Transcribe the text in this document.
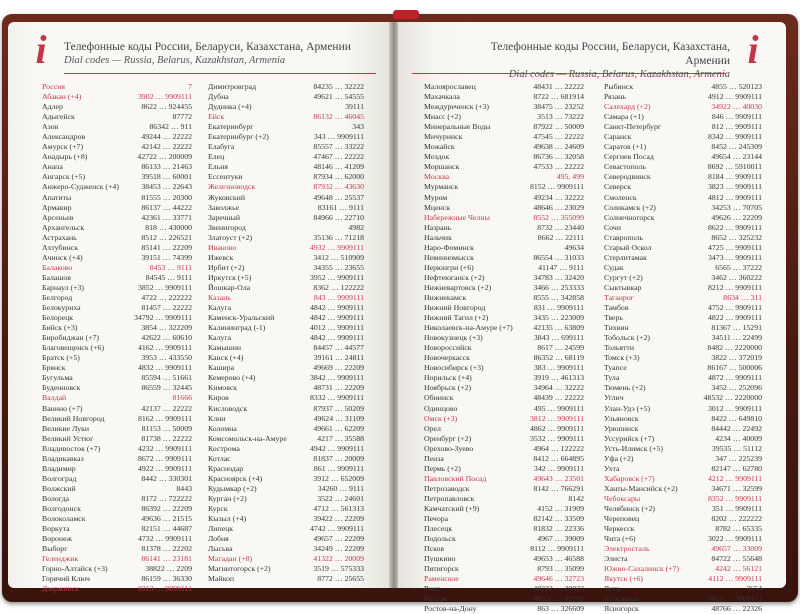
i	Телефонные коды России, Беларуси, Казахстана, Армении
Dial codes — Russia, Belarus, Kazakhstan, Armenia
Россия	7
Абакан (+4)	3902 … 9909111
Адлер	8622 … 924455
Адыгейск	87772
Азов	86342 … 911
Александров	49244 … 22222
Амурск (+7)	42142 … 22222
Анадырь (+8)	42722 … 200009
Анапа	86133 … 21463
Ангарск (+5)	39518 … 60001
Анжеро-Судженск (+4)	38453 … 22643
Апатиты	81555 … 20300
Армавир	86137 … 44222
Арсеньев	42361 … 33771
Архангельск	818 … 430000
Астрахань	8512 … 226521
Ахтубинск	85141 … 22209
Ачинск (+4)	39151 … 74399
Балаково	8453 … 9111
Балашов	84545 … 9111
Барнаул (+3)	3852 … 9909111
Белгород	4722 … 222222
Белокуриха	81457 … 22222
Белорецк	34792 … 9909111
Бийск (+3)	3854 … 322209
Биробиджан (+7)	42622 … 60610
Благовещенск (+6)	4162 … 9909111
Братск (+5)	3953 … 433550
Брянск	4832 … 9909111
Бугульма	85594 … 51661
Буденновск	86559 … 32445
Валдай	81666
Ванино (+7)	42137 … 22222
Великий Новгород	8162 … 9909111
Великие Луки	81153 … 50009
Великий Устюг	81738 … 22222
Владивосток (+7)	4232 … 9909111
Владикавказ	8672 … 9909111
Владимир	4922 … 9909111
Волгоград	8442 … 330301
Волжский	8443
Вологда	8172 … 722222
Волгодонск	86392 … 22209
Волоколамск	49636 … 21515
Воркута	82151 … 44687
Воронеж	4732 … 9909111
Выборг	81378 … 22202
Геленджик	86141 … 23181
Горно-Алтайск (+3)	38822 … 2209
Горячий Ключ	86159 … 36330
Дзержинск	8313 … 9099111
Димитровград	84235 … 32222
Дубна	49621 … 54555
Дудинка (+4)	39111
Ейск	86132 … 46045
Екатеринбург	343
Екатеринбург (+2)	343 … 9909111
Елабуга	85557 … 33222
Елец	47467 … 22222
Ельня	48146 … 41209
Ессентуки	87934 … 62000
Железноводск	87932 … 43630
Жуковский	49648 … 25537
Заволжье	83161 … 9111
Заречный	84966 … 22710
Звенигород	4982
Златоуст (+2)	35136 … 71218
Иваново	4932 … 9909111
Ижевск	3412 … 510909
Ирбит (+2)	34355 … 23655
Иркутск (+5)	3952 … 9909111
Йошкар-Ола	8362 … 122222
Казань	843 … 9909111
Калуга	4842 … 9909111
Каменск-Уральский	4842 … 9909111
Калининград (-1)	4012 … 9909111
Калуга	4842 … 9909111
Камышин	84457 … 44577
Канск (+4)	39161 … 24811
Каширa	49669 … 22209
Кемерово (+4)	3842 … 9909111
Кимовск	48731 … 22209
Киров	8332 … 9909111
Кисловодск	87937 … 50209
Клин	49624 … 31109
Коломна	49661 … 62209
Комсомольск-на-Амуре	4217 … 35588
Кострома	4942 … 9909111
Котлас	81837 … 20009
Краснодар	861 … 9909111
Красноярск (+4)	3912 … 652009
Кудымкар (+2)	34260 … 9111
Курган (+2)	3522 … 24601
Курск	4712 … 561313
Кызыл (+4)	39422 … 22209
Липецк	4742 … 9909111
Лобня	49657 … 22209
Лысьва	34249 … 22209
Магадан (+8)	41322 … 20009
Магнитогорск (+2)	3519 … 575333
Майкоп	8772 … 25655
i
Телефонные коды России, Беларуси, Казахстана, Армении
Dial codes — Russia, Belarus, Kazakhstan, Armenia
Малоярославец	48431 … 22222
Махачкала	8722 … 681914
Междуреченск (+3)	38475 … 23252
Миасс (+2)	3513 … 73222
Минеральные Воды	87922 … 50009
Мичуринск	47545 … 22222
Можайск	49638 … 24609
Моздок	86736 … 32058
Моршанск	47533 … 22222
Москва	495, 499
Мурманск	8152 … 9909111
Муром	49234 … 32222
Мценск	48646 … 23029
Набережные Челны	8552 … 355099
Назрань	8732 … 23440
Нальчик	8662 … 22111
Наро-Фоминск	49634
Невинномысск	86554 … 31033
Нерюнгри (+6)	41147 … 9111
Нефтеюганск (+2)	34783 … 32420
Нижневартовск (+2)	3466 … 253333
Нижнекамск	8555 … 342858
Нижний Новгород	831 … 9909111
Нижний Тагил (+2)	3435 … 223009
Николаевск-на-Амуре (+7)	42135 … 63809
Новокузнецк (+3)	3843 … 699111
Новороссийск	8617 … 24599
Новочеркасск	86352 … 68119
Новосибирск (+3)	383 … 9909111
Норильск (+4)	3919 … 461313
Ноябрьск (+2)	34964 … 32222
Обнинск	48439 … 22222
Одинцово	495 … 9909111
Омск (+3)	3812 … 9909111
Орел	4862 … 9909111
Оренбург (+2)	3532 … 9909111
Орехово-Зуево	4964 … 122222
Пенза	8412 … 664895
Пермь (+2)	342 … 9909111
Павловский Посад	49643 … 23501
Петрозаводск	8142 … 766291
Петропавловск	8142
Камчатский (+9)	4152 … 31909
Печора	82142 … 33509
Плесецк	81832 … 22336
Подольск	4967 … 39009
Псков	8112 … 9909111
Пушкино	49653 … 46588
Пятигорск	8793 … 35099
Раменское	49646 … 32723
Ржев	48232 … 20023
Ростов	48536 … 30709
Ростов-на-Дону	863 … 326609
Рыбинск	4855 … 520123
Рязань	4912 … 9909111
Салехард (+2)	34922 … 40030
Самара (+1)	846 … 9909111
Санкт-Петербург	812 … 9909111
Саранск	8342 … 9909111
Саратов (+1)	8452 … 245309
Сергиев Посад	49654 … 23144
Севастополь	8692 … 5910011
Северодвинск	8184 … 9909111
Северск	3823 … 9909111
Смоленск	4812 … 9909111
Соликамск (+2)	34253 … 70705
Солнечногорск	49626 … 22209
Сочи	8622 … 9909111
Ставрополь	8652 … 325232
Старый Оскол	4725 … 9909111
Стерлитамак	3473 … 9909111
Судак	6565 … 37222
Сургут (+2)	3462 … 360222
Сыктывкар	8212 … 9909111
Таганрог	8634 … 311
Тамбов	4752 … 9909111
Тверь	4822 … 9909111
Тихвин	81367 … 15291
Тобольск (+2)	34511 … 22499
Тольятти	8482 … 2220000
Томск (+3)	3822 … 372019
Туапсе	86167 … 500006
Тула	4872 … 9909111
Тюмень (+2)	3452 … 252096
Углич	48532 … 2220000
Улан-Удэ (+5)	3012 … 9909111
Ульяновск	8422 … 649810
Урюпинск	84442 … 22492
Уссурийск (+7)	4234 … 40009
Усть-Илимск (+5)	39535 … 51112
Уфа (+2)	347 … 225239
Ухта	82147 … 62780
Хабаровск (+7)	4212 … 9909111
Ханты-Мансийск (+2)	34671 … 32599
Чебоксары	8352 … 9909111
Челябинск (+2)	351 … 9909111
Череповец	8202 … 222222
Черкесск	8782 … 65335
Чита (+6)	3022 … 9909111
Электросталь	49657 … 33009
Элиста	84722 … 55648
Южно-Сахалинск (+7)	4242 … 56121
Якутск (+6)	4112 … 9909111
Ялта	3654
Ярославль	4852 … 9909111
Ясногорск	48766 … 22326
